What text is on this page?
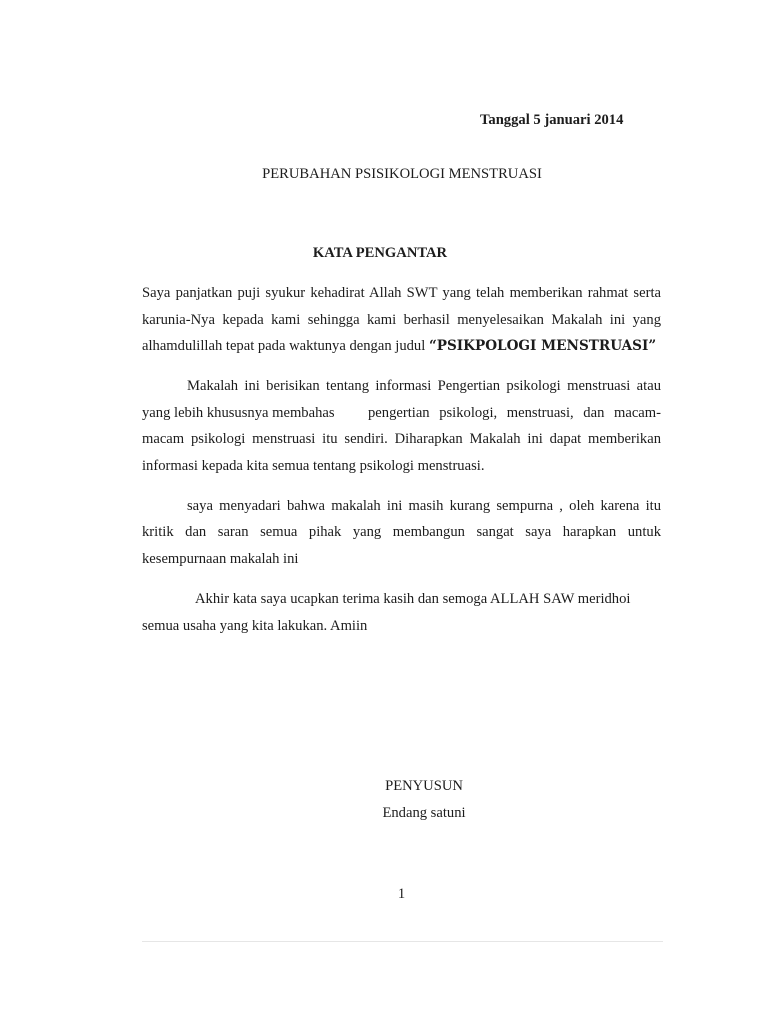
Tanggal 5 januari 2014
PERUBAHAN PSISIKOLOGI MENSTRUASI
KATA PENGANTAR
Saya panjatkan puji syukur kehadirat Allah SWT yang telah memberikan rahmat serta
karunia-Nya kepada kami sehingga kami berhasil menyelesaikan Makalah ini yang
alhamdulillah tepat pada waktunya dengan judul “PSIKPOLOGI MENSTRUASI”
Makalah ini berisikan tentang informasi Pengertian psikologi menstruasi atau
yang lebih khususnya membahas pengertian psikologi, menstruasi, dan macam-
macam psikologi menstruasi itu sendiri. Diharapkan Makalah ini dapat memberikan
informasi kepada kita semua tentang psikologi menstruasi.
saya menyadari bahwa makalah ini masih kurang sempurna , oleh karena itu
kritik dan saran semua pihak yang membangun sangat saya harapkan untuk
kesempurnaan makalah ini
Akhir kata saya ucapkan terima kasih dan semoga ALLAH SAW meridhoi
semua usaha yang kita lakukan. Amiin
PENYUSUN
Endang satuni
1
